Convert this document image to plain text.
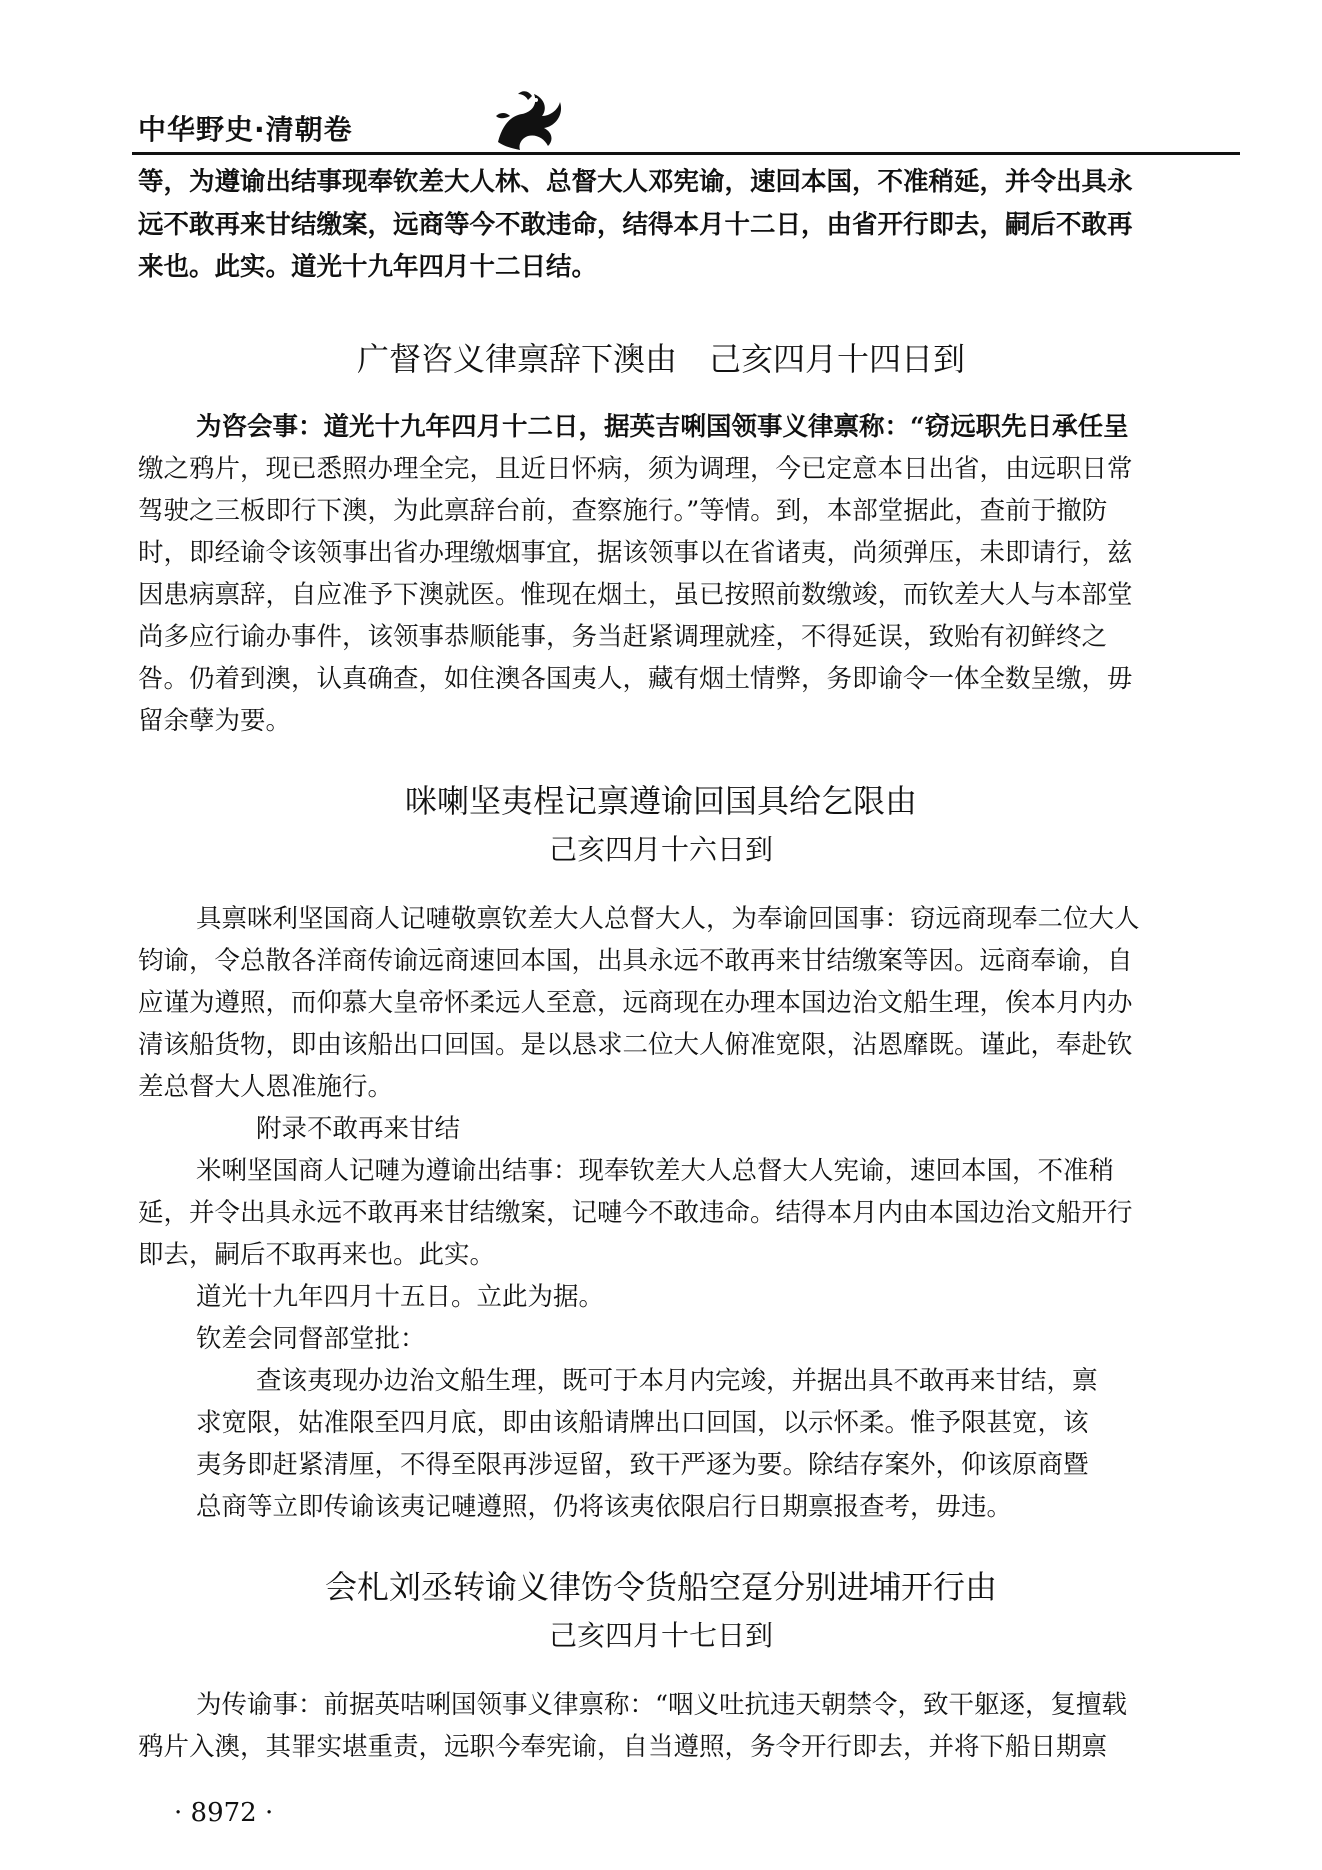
中华野史·清朝卷
等，为遵谕出结事现奉钦差大人林、总督大人邓宪谕，速回本国，不准稍延，并令出具永
远不敢再来甘结缴案，远商等今不敢违命，结得本月十二日，由省开行即去，嗣后不敢再
来也。此实。道光十九年四月十二日结。
广督咨义律禀辞下澳由　己亥四月十四日到
为咨会事：道光十九年四月十二日，据英吉唎国领事义律禀称：“窃远职先日承任呈
缴之鸦片，现已悉照办理全完，且近日怀病，须为调理，今已定意本日出省，由远职日常
驾驶之三板即行下澳，为此禀辞台前，查察施行。”等情。到，本部堂据此，查前于撤防
时，即经谕令该领事出省办理缴烟事宜，据该领事以在省诸夷，尚须弹压，未即请行，兹
因患病禀辞，自应准予下澳就医。惟现在烟土，虽已按照前数缴竣，而钦差大人与本部堂
尚多应行谕办事件，该领事恭顺能事，务当赶紧调理就痊，不得延误，致贻有初鲜终之
咎。仍着到澳，认真确查，如住澳各国夷人，藏有烟土情弊，务即谕令一体全数呈缴，毋
留余孽为要。
咪喇坚夷桯记禀遵谕回国具给乞限由
己亥四月十六日到
具禀咪利坚国商人记嗹敬禀钦差大人总督大人，为奉谕回国事：窃远商现奉二位大人
钧谕，令总散各洋商传谕远商速回本国，出具永远不敢再来甘结缴案等因。远商奉谕，自
应谨为遵照，而仰慕大皇帝怀柔远人至意，远商现在办理本国边治文船生理，俟本月内办
清该船货物，即由该船出口回国。是以恳求二位大人俯准宽限，沾恩靡既。谨此，奉赴钦
差总督大人恩准施行。
附录不敢再来甘结
米唎坚国商人记嗹为遵谕出结事：现奉钦差大人总督大人宪谕，速回本国，不准稍
延，并令出具永远不敢再来甘结缴案，记嗹今不敢违命。结得本月内由本国边治文船开行
即去，嗣后不取再来也。此实。
道光十九年四月十五日。立此为据。
钦差会同督部堂批：
查该夷现办边治文船生理，既可于本月内完竣，并据出具不敢再来甘结，禀
求宽限，姑准限至四月底，即由该船请牌出口回国，以示怀柔。惟予限甚宽，该
夷务即赶紧清厘，不得至限再涉逗留，致干严逐为要。除结存案外，仰该原商暨
总商等立即传谕该夷记嗹遵照，仍将该夷依限启行日期禀报查考，毋违。
会札刘丞转谕义律饬令货船空趸分别进埔开行由
己亥四月十七日到
为传谕事：前据英咭唎国领事义律禀称：“咽义吐抗违天朝禁令，致干躯逐，复擅载
鸦片入澳，其罪实堪重责，远职今奉宪谕，自当遵照，务令开行即去，并将下船日期禀
· 8972 ·
